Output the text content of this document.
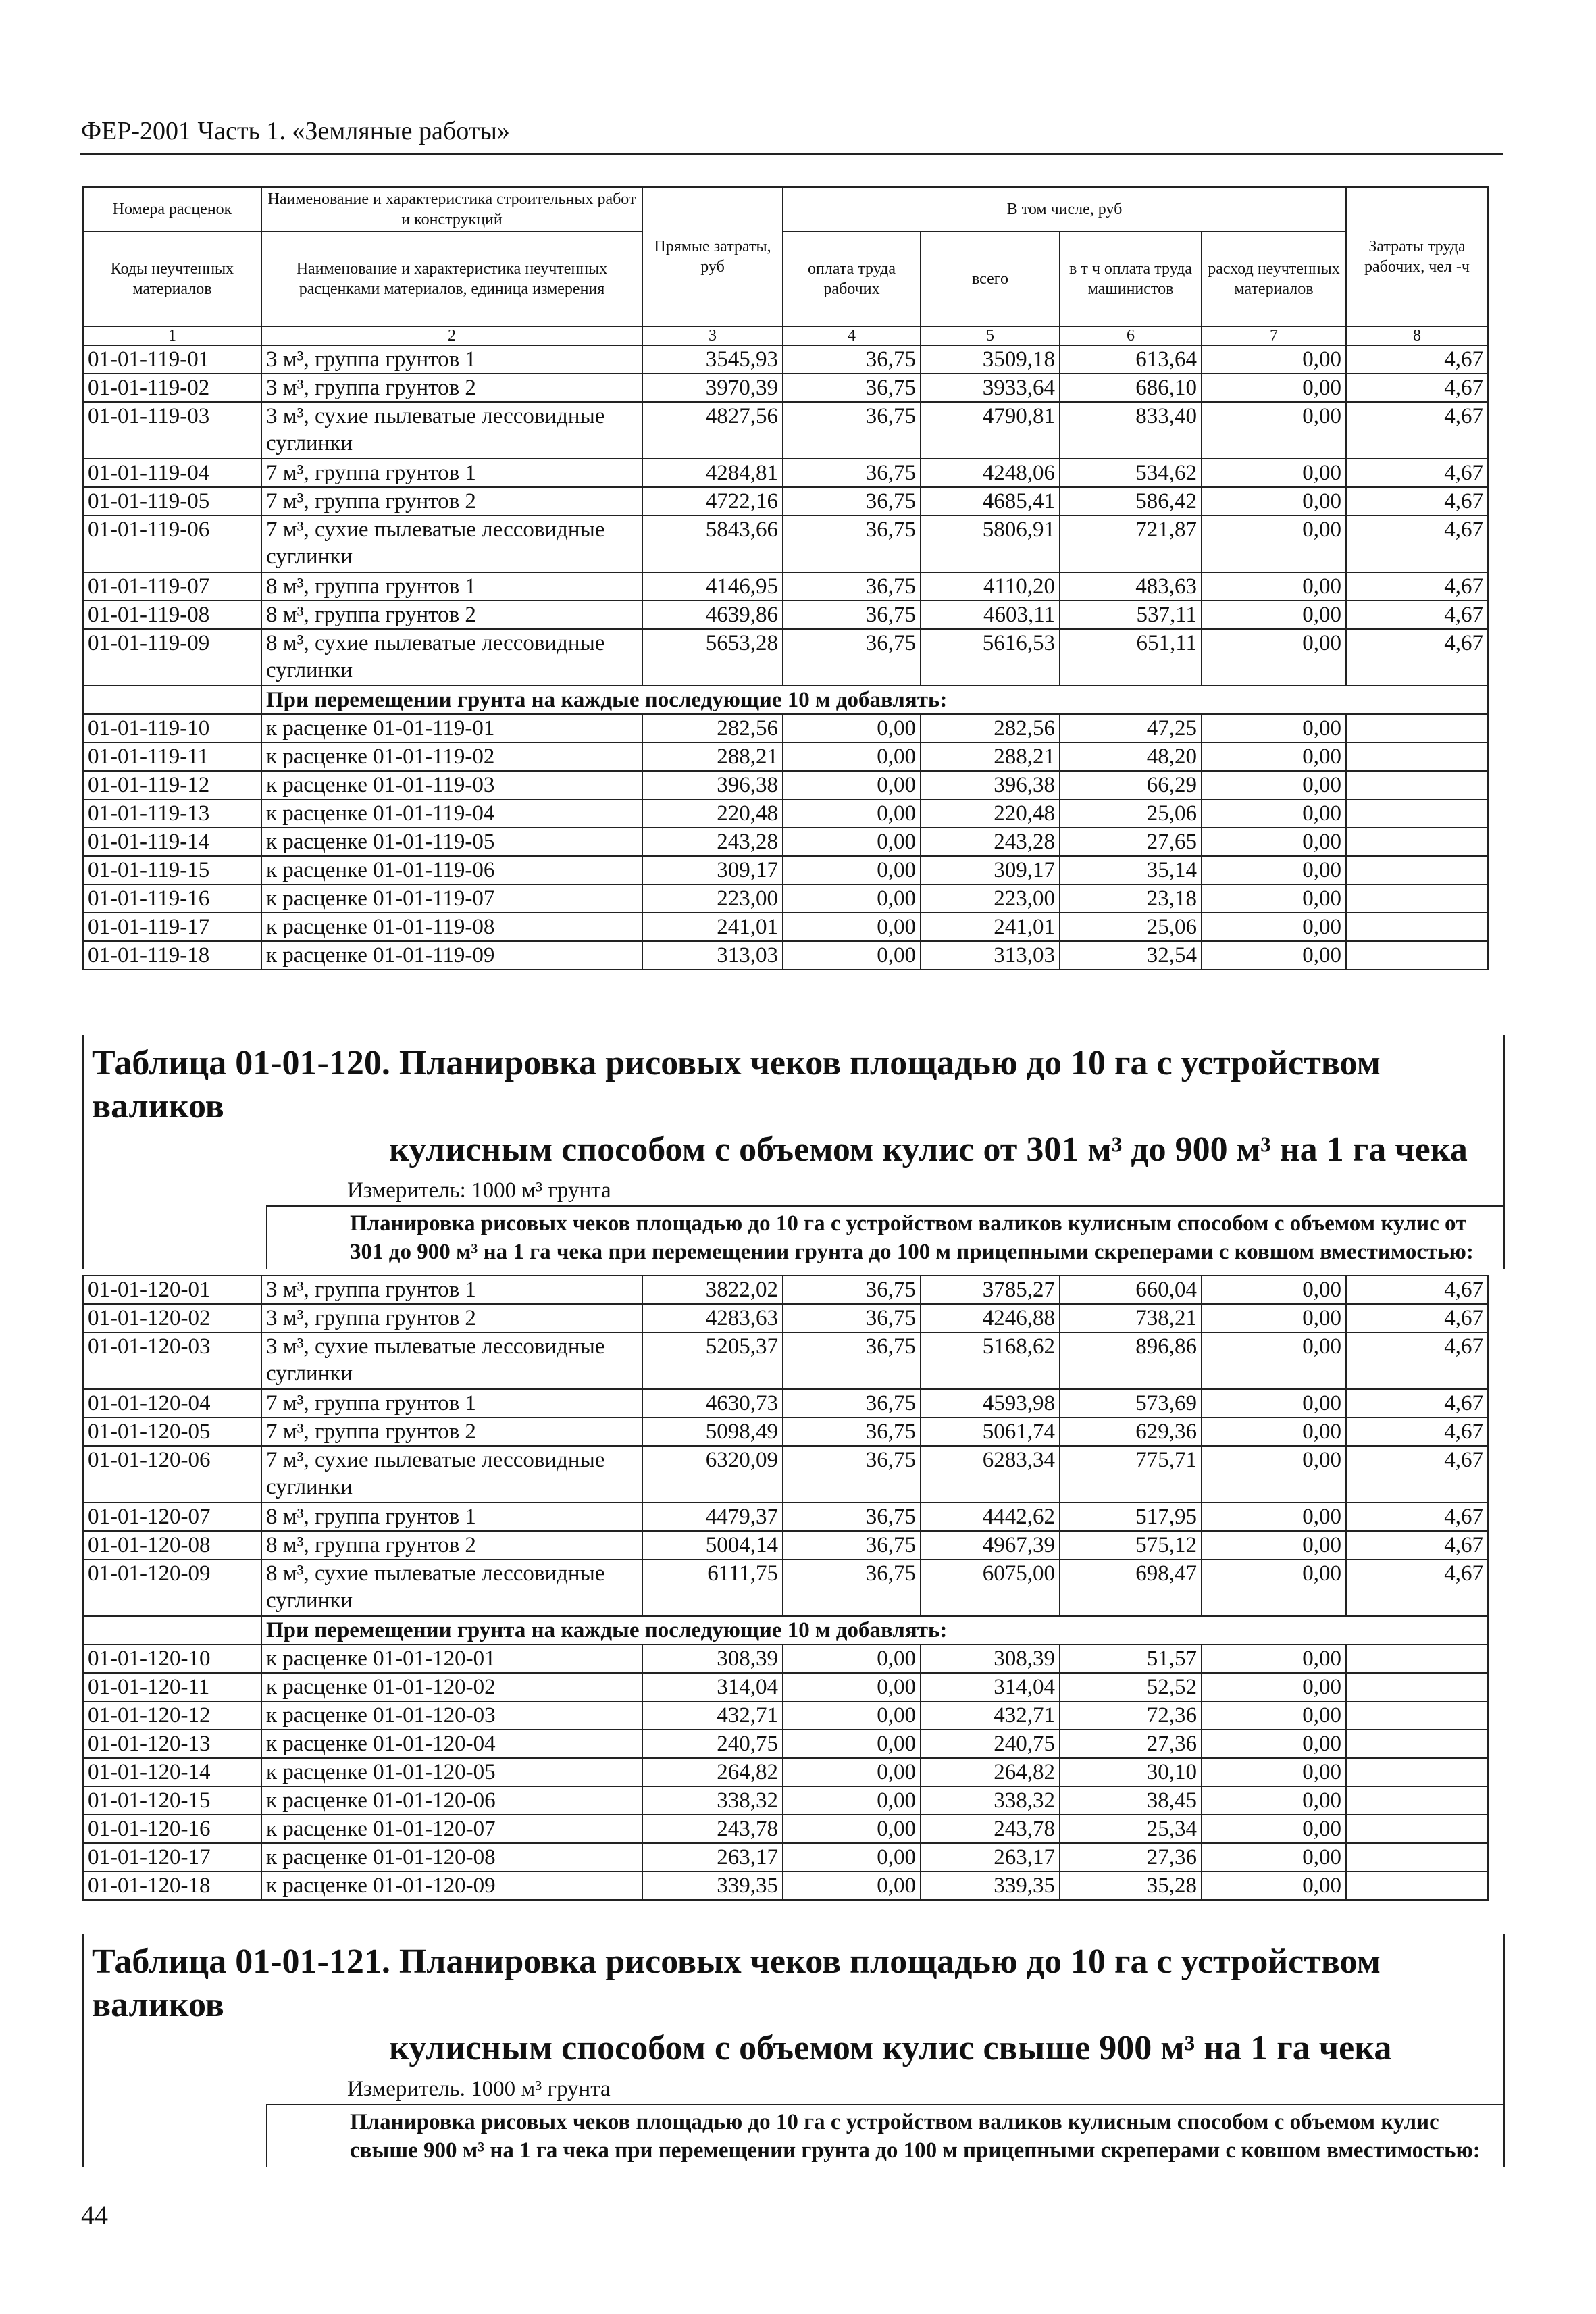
ФЕР-2001 Часть 1. «Земляные работы»
Номера расценок	Наименование и характеристика строительных работ и конструкций	Прямые затраты, руб	В том числе, руб				Затраты труда рабочих, чел -ч

Коды неучтенных материалов	Наименование и характеристика неучтенных расценками материалов, единица измерения		оплата труда рабочих	всего	в т ч оплата труда машинистов	расход неучтенных материалов	
1	2	3	4	5	6	7	8
01-01-119-01	3 м³, группа грунтов 1	3545,93	36,75	3509,18	613,64	0,00	4,67
01-01-119-02	3 м³, группа грунтов 2	3970,39	36,75	3933,64	686,10	0,00	4,67
01-01-119-03	3 м³, сухие пылеватые лессовидные суглинки	4827,56	36,75	4790,81	833,40	0,00	4,67
01-01-119-04	7 м³, группа грунтов 1	4284,81	36,75	4248,06	534,62	0,00	4,67
01-01-119-05	7 м³, группа грунтов 2	4722,16	36,75	4685,41	586,42	0,00	4,67
01-01-119-06	7 м³, сухие пылеватые лессовидные суглинки	5843,66	36,75	5806,91	721,87	0,00	4,67
01-01-119-07	8 м³, группа грунтов 1	4146,95	36,75	4110,20	483,63	0,00	4,67
01-01-119-08	8 м³, группа грунтов 2	4639,86	36,75	4603,11	537,11	0,00	4,67
01-01-119-09	8 м³, сухие пылеватые лессовидные суглинки	5653,28	36,75	5616,53	651,11	0,00	4,67
	При перемещении грунта на каждые последующие 10 м добавлять:						
01-01-119-10	к расценке 01-01-119-01	282,56	0,00	282,56	47,25	0,00	
01-01-119-11	к расценке 01-01-119-02	288,21	0,00	288,21	48,20	0,00	
01-01-119-12	к расценке 01-01-119-03	396,38	0,00	396,38	66,29	0,00	
01-01-119-13	к расценке 01-01-119-04	220,48	0,00	220,48	25,06	0,00	
01-01-119-14	к расценке 01-01-119-05	243,28	0,00	243,28	27,65	0,00	
01-01-119-15	к расценке 01-01-119-06	309,17	0,00	309,17	35,14	0,00	
01-01-119-16	к расценке 01-01-119-07	223,00	0,00	223,00	23,18	0,00	
01-01-119-17	к расценке 01-01-119-08	241,01	0,00	241,01	25,06	0,00	
01-01-119-18	к расценке 01-01-119-09	313,03	0,00	313,03	32,54	0,00	
Таблица 01-01-120. Планировка рисовых чеков площадью до 10 га с устройством валиков
кулисным способом с объемом кулис от 301 м³ до 900 м³ на 1 га чека
Измеритель: 1000 м³ грунта
Планировка рисовых чеков площадью до 10 га с устройством валиков кулисным способом с объемом кулис от 301 до 900 м³ на 1 га чека при перемещении грунта до 100 м прицепными скреперами с ковшом вместимостью:
01-01-120-01	3 м³, группа грунтов 1	3822,02	36,75	3785,27	660,04	0,00	4,67
01-01-120-02	3 м³, группа грунтов 2	4283,63	36,75	4246,88	738,21	0,00	4,67
01-01-120-03	3 м³, сухие пылеватые лессовидные суглинки	5205,37	36,75	5168,62	896,86	0,00	4,67
01-01-120-04	7 м³, группа грунтов 1	4630,73	36,75	4593,98	573,69	0,00	4,67
01-01-120-05	7 м³, группа грунтов 2	5098,49	36,75	5061,74	629,36	0,00	4,67
01-01-120-06	7 м³, сухие пылеватые лессовидные суглинки	6320,09	36,75	6283,34	775,71	0,00	4,67
01-01-120-07	8 м³, группа грунтов 1	4479,37	36,75	4442,62	517,95	0,00	4,67
01-01-120-08	8 м³, группа грунтов 2	5004,14	36,75	4967,39	575,12	0,00	4,67
01-01-120-09	8 м³, сухие пылеватые лессовидные суглинки	6111,75	36,75	6075,00	698,47	0,00	4,67
	При перемещении грунта на каждые последующие 10 м добавлять:						
01-01-120-10	к расценке 01-01-120-01	308,39	0,00	308,39	51,57	0,00	
01-01-120-11	к расценке 01-01-120-02	314,04	0,00	314,04	52,52	0,00	
01-01-120-12	к расценке 01-01-120-03	432,71	0,00	432,71	72,36	0,00	
01-01-120-13	к расценке 01-01-120-04	240,75	0,00	240,75	27,36	0,00	
01-01-120-14	к расценке 01-01-120-05	264,82	0,00	264,82	30,10	0,00	
01-01-120-15	к расценке 01-01-120-06	338,32	0,00	338,32	38,45	0,00	
01-01-120-16	к расценке 01-01-120-07	243,78	0,00	243,78	25,34	0,00	
01-01-120-17	к расценке 01-01-120-08	263,17	0,00	263,17	27,36	0,00	
01-01-120-18	к расценке 01-01-120-09	339,35	0,00	339,35	35,28	0,00	
Таблица 01-01-121. Планировка рисовых чеков площадью до 10 га с устройством валиков
кулисным способом с объемом кулис свыше 900 м³ на 1 га чека
Измеритель. 1000 м³ грунта
Планировка рисовых чеков площадью до 10 га с устройством валиков кулисным способом с объемом кулис свыше 900 м³ на 1 га чека при перемещении грунта до 100 м прицепными скреперами с ковшом вместимостью:
44
